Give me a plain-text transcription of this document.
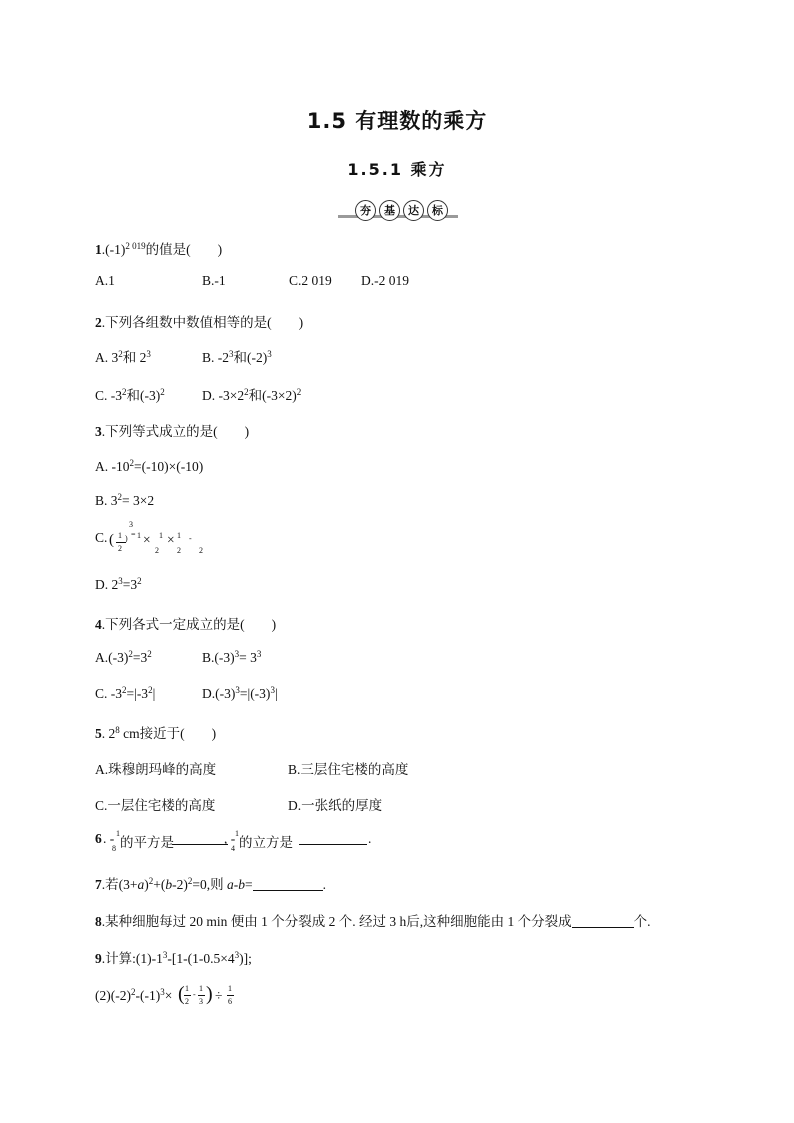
1.5 有理数的乘方
1.5.1 乘方
夯	基	达	标
$1.(-1)^{2 019}$的值是(　　)
A.1	B.-1	C.2 019 D.-2 019
2.下列各组数中数值相等的是(　　)
A. $3^2$和 $2^3$	B. $-2^3$和$(-2)^3$
C. $-3^2$和$(-3)^2$	D. $-3\times 2^2$和$(-3\times 2)^2$
3.下列等式成立的是(　　)
A. $-10^2=(-10)\times(-10)$
B. $3^2= 3\times 2$
C. (
3
1
2
) = 1
2
× 1 × 1
2
-
2
D. $2^3=3^2$
4.下列各式一定成立的是(　　)
$A.(-3)^2=3^2$	$B.(-3)^3= 3^3$
C. $-3^2=|-3^2|$	$D.(-3)^3=|(-3)^3|$
5. $2^8$ cm接近于(　　)
A.珠穆朗玛峰的高度	B.三层住宅楼的高度
C.一层住宅楼的高度	D.一张纸的厚度
6 . - 1
8 的平方是	, - 1
4 的立方是	.
7.若$(3+a)^2+(b-2)^2=0$,则 a-b=	.
8.某种细胞每过 20 min 便由 1 个分裂成 2 个. 经过 3 h后,这种细胞能由 1 个分裂成	个.
9.计算$:(1)-1^3-[1-(1-0.5\times 4^3)]$;
$(2)(-2)^2-(-1)^3\times$ ( 1
2
-
1
3 ) ÷ 1
6
